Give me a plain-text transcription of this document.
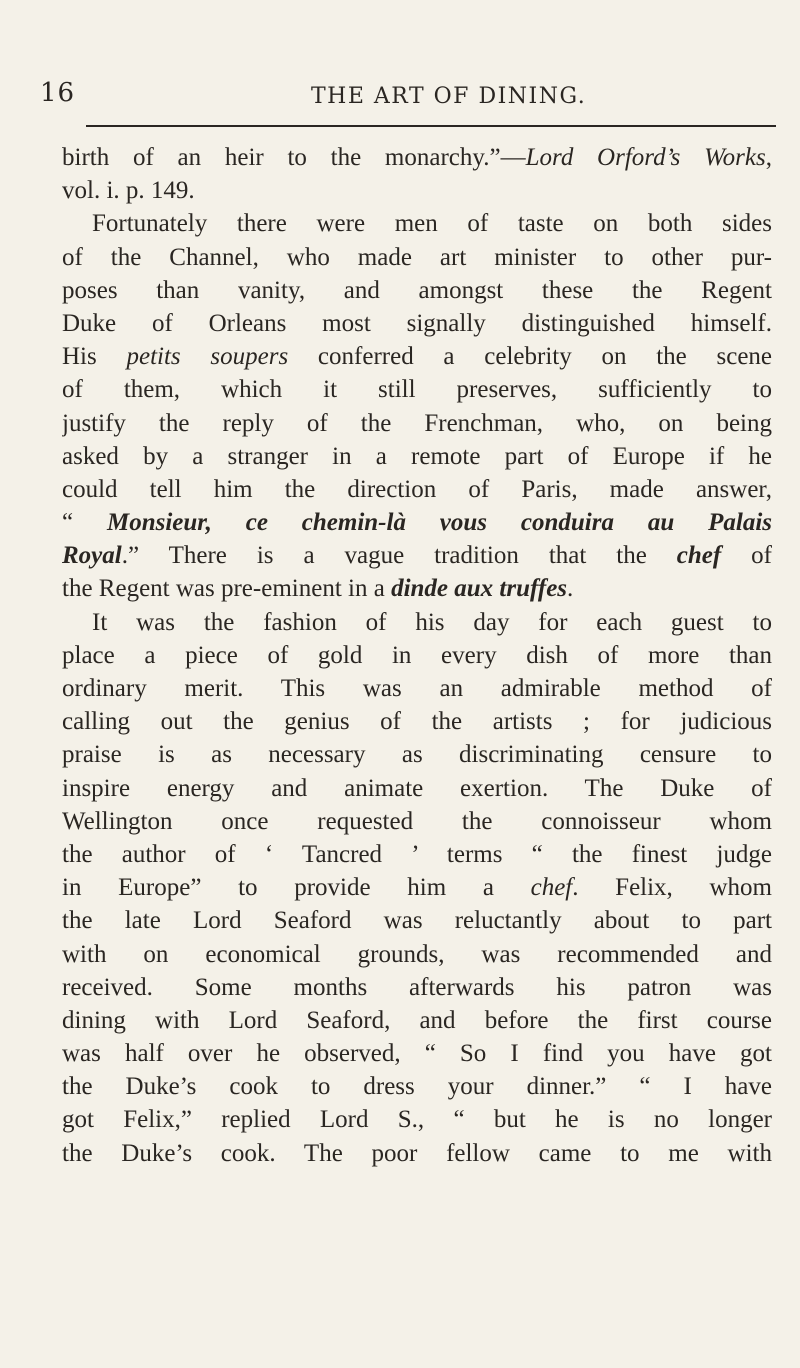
16	THE ART OF DINING.
birth of an heir to the monarchy.”—Lord Orford’s Works,
vol. i. p. 149.
Fortunately there were men of taste on both sides
of the Channel, who made art minister to other pur-
poses than vanity, and amongst these the Regent
Duke of Orleans most signally distinguished himself.
His petits soupers conferred a celebrity on the scene
of them, which it still preserves, sufficiently to
justify the reply of the Frenchman, who, on being
asked by a stranger in a remote part of Europe if he
could tell him the direction of Paris, made answer,
“ Monsieur, ce chemin-là vous conduira au Palais
Royal.” There is a vague tradition that the chef of
the Regent was pre-eminent in a dinde aux truffes.
It was the fashion of his day for each guest to
place a piece of gold in every dish of more than
ordinary merit. This was an admirable method of
calling out the genius of the artists ; for judicious
praise is as necessary as discriminating censure to
inspire energy and animate exertion. The Duke of
Wellington once requested the connoisseur whom
the author of ‘ Tancred ’ terms “ the finest judge
in Europe” to provide him a chef. Felix, whom
the late Lord Seaford was reluctantly about to part
with on economical grounds, was recommended and
received. Some months afterwards his patron was
dining with Lord Seaford, and before the first course
was half over he observed, “ So I find you have got
the Duke’s cook to dress your dinner.” “ I have
got Felix,” replied Lord S., “ but he is no longer
the Duke’s cook. The poor fellow came to me with
